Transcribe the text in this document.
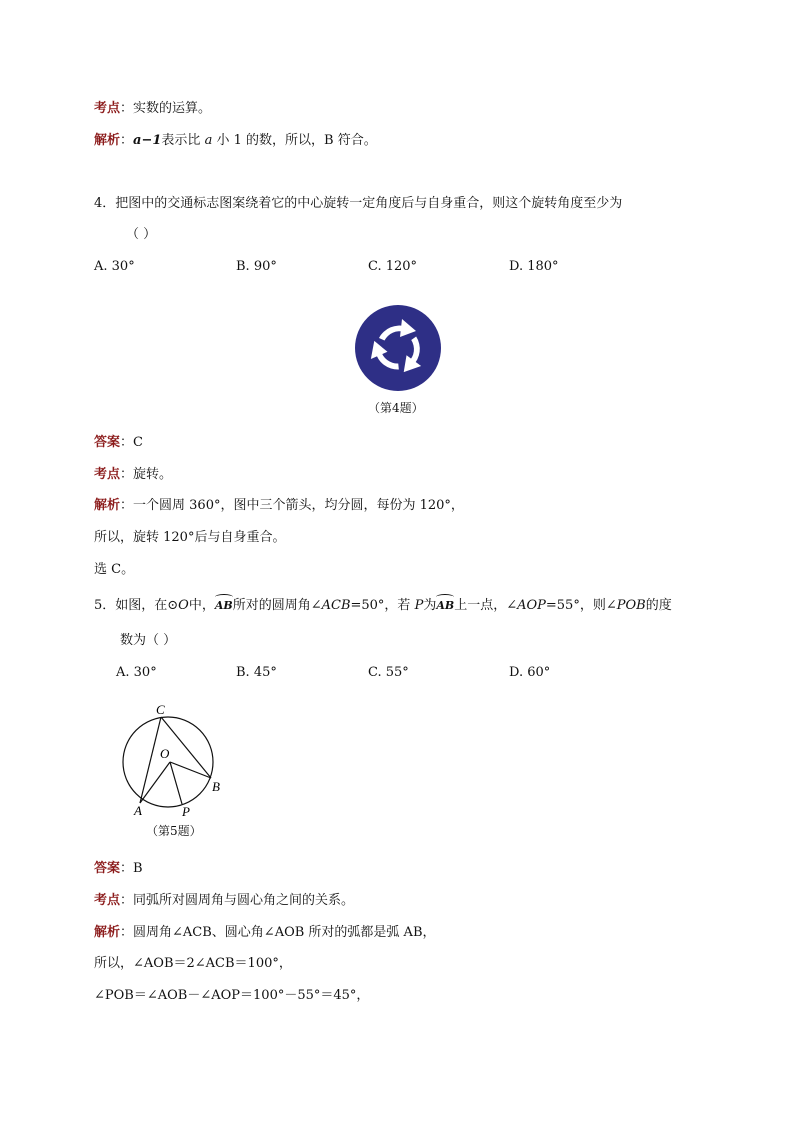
考点：实数的运算。
解析：a−1表示比 a 小 1 的数，所以，B 符合。
4．把图中的交通标志图案绕着它的中心旋转一定角度后与自身重合，则这个旋转角度至少为
（ ）
A. 30°	B. 90°	C. 120°	D. 180°
（第4题）
答案：C
考点：旋转。
解析：一个圆周 360°，图中三个箭头，均分圆，每份为 120°，
所以，旋转 120°后与自身重合。
选 C。
5．如图，在⊙O中，AB所对的圆周角∠ACB=50°，若 P为AB上一点，∠AOP=55°，则∠POB的度
数为（ ）
A. 30°	B. 45°	C. 55°	D. 60°
C
O
B
A	P
（第5题）
答案：B
考点：同弧所对圆周角与圆心角之间的关系。
解析：圆周角∠ACB、圆心角∠AOB 所对的弧都是弧 AB，
所以，∠AOB＝2∠ACB＝100°，
∠POB＝∠AOB－∠AOP＝100°－55°＝45°，
